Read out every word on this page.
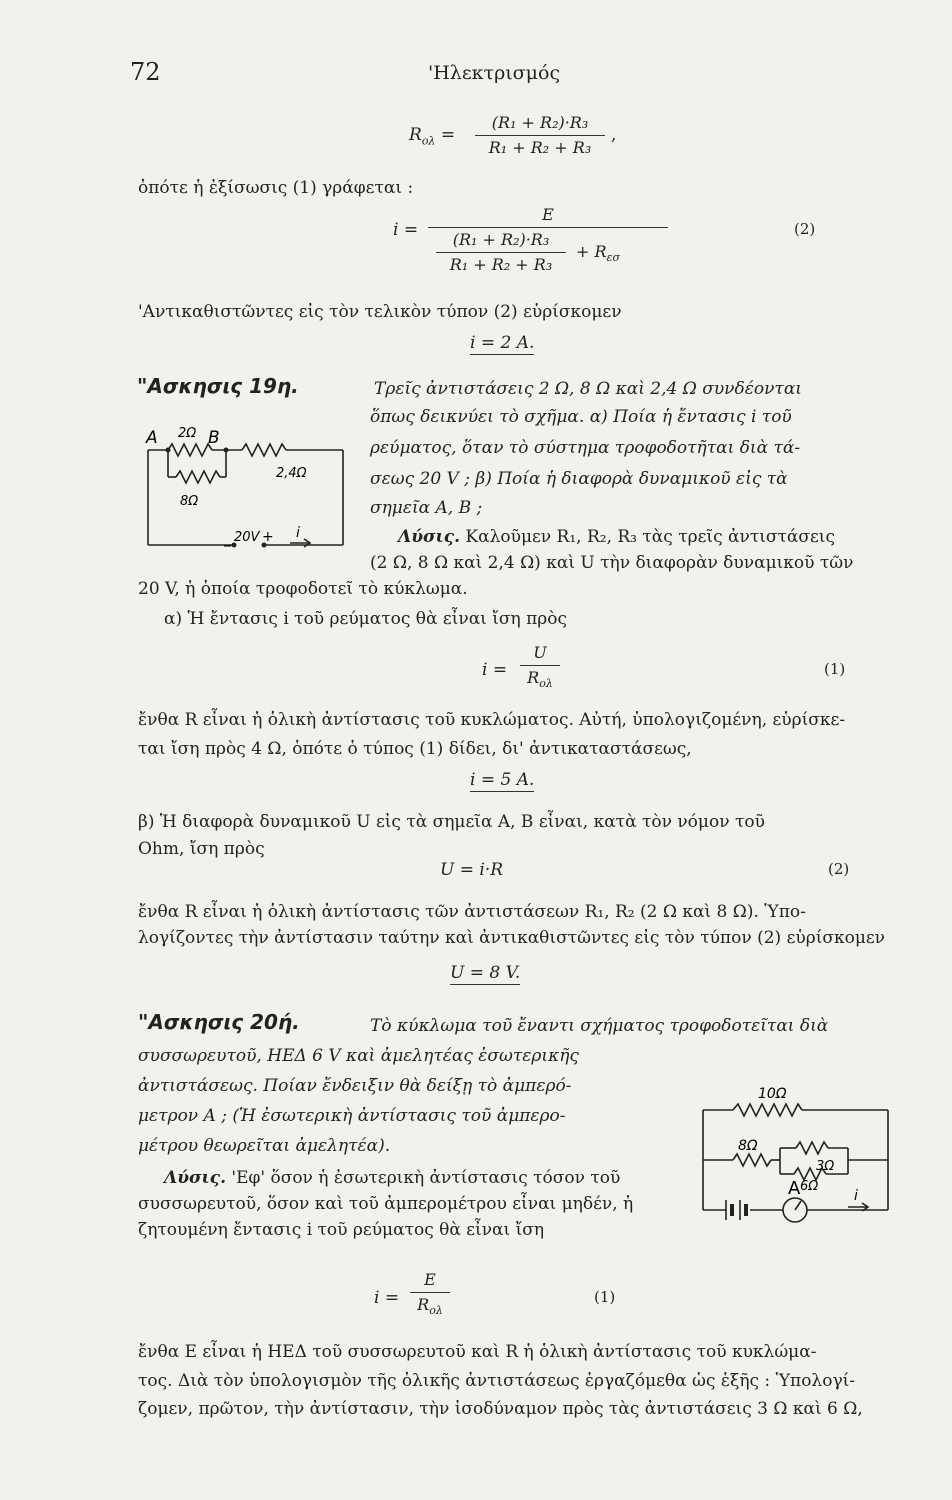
72	'Ηλεκτρισμός
$R_{o\lambda}$ =
(R₁ + R₂)·R₃
R₁ + R₂ + R₃
,
ὁπότε ἡ ἐξίσωσις (1) γράφεται :
i =
E
(R₁ + R₂)·R₃
R₁ + R₂ + R₃
+ $R_{\varepsilon\sigma}$
(2)
'Αντικαθιστῶντες εἰς τὸν τελικὸν τύπον (2) εὑρίσκομεν
i = 2 A.
"Ασκησις 19η.	Τρεῖς ἀντιστάσεις 2 Ω, 8 Ω καὶ 2,4 Ω συνδέονται
ὅπως δεικνύει τὸ σχῆμα. α) Ποία ἡ ἔντασις i τοῦ
ρεύματος, ὅταν τὸ σύστημα τροφοδοτῆται διὰ τά-
σεως 20 V ; β) Ποία ἡ διαφορὰ δυναμικοῦ εἰς τὰ
σημεῖα A, B ;
A 2Ω B
8Ω
2,4Ω
_ 20V + i	Λύσις. Καλοῦμεν R₁, R₂, R₃ τὰς τρεῖς ἀντιστάσεις
(2 Ω, 8 Ω καὶ 2,4 Ω) καὶ U τὴν διαφορὰν δυναμικοῦ τῶν
20 V, ἡ ὁποία τροφοδοτεῖ τὸ κύκλωμα.
α) Ἡ ἔντασις i τοῦ ρεύματος θὰ εἶναι ἴση πρὸς
i =
U
$R_{o\lambda}$
(1)
ἔνθα R εἶναι ἡ ὁλικὴ ἀντίστασις τοῦ κυκλώματος. Αὐτή, ὑπολογιζομένη, εὑρίσκε-
ται ἴση πρὸς 4 Ω, ὁπότε ὁ τύπος (1) δίδει, δι' ἀντικαταστάσεως,
i = 5 A.
β) Ἡ διαφορὰ δυναμικοῦ U εἰς τὰ σημεῖα A, B εἶναι, κατὰ τὸν νόμον τοῦ
Ohm, ἴση πρὸς
U = i·R	(2)
ἔνθα R εἶναι ἡ ὁλικὴ ἀντίστασις τῶν ἀντιστάσεων R₁, R₂ (2 Ω καὶ 8 Ω). Ὑπο-
λογίζοντες τὴν ἀντίστασιν ταύτην καὶ ἀντικαθιστῶντες εἰς τὸν τύπον (2) εὑρίσκομεν
U = 8 V.
"Ασκησις 20ή.	Τὸ κύκλωμα τοῦ ἔναντι σχήματος τροφοδοτεῖται διὰ
συσσωρευτοῦ, ΗΕΔ 6 V καὶ ἀμελητέας ἐσωτερικῆς
ἀντιστάσεως. Ποίαν ἔνδειξιν θὰ δείξῃ τὸ ἀμπερό-
μετρον A ; (Ἡ ἐσωτερικὴ ἀντίστασις τοῦ ἀμπερο-
μέτρου θεωρεῖται ἀμελητέα).
Λύσις. 'Εφ' ὅσον ἡ ἐσωτερικὴ ἀντίστασις τόσον τοῦ
συσσωρευτοῦ, ὅσον καὶ τοῦ ἀμπερομέτρου εἶναι μηδέν, ἡ
ζητουμένη ἔντασις i τοῦ ρεύματος θὰ εἶναι ἴση
10Ω
8Ω
3Ω
6Ω
A	i
i =
E
$R_{o\lambda}$
(1)
ἔνθα E εἶναι ἡ ΗΕΔ τοῦ συσσωρευτοῦ καὶ R ἡ ὁλικὴ ἀντίστασις τοῦ κυκλώμα-
τος. Διὰ τὸν ὑπολογισμὸν τῆς ὁλικῆς ἀντιστάσεως ἐργαζόμεθα ὡς ἑξῆς : Ὑπολογί-
ζομεν, πρῶτον, τὴν ἀντίστασιν, τὴν ἰσοδύναμον πρὸς τὰς ἀντιστάσεις 3 Ω καὶ 6 Ω,
